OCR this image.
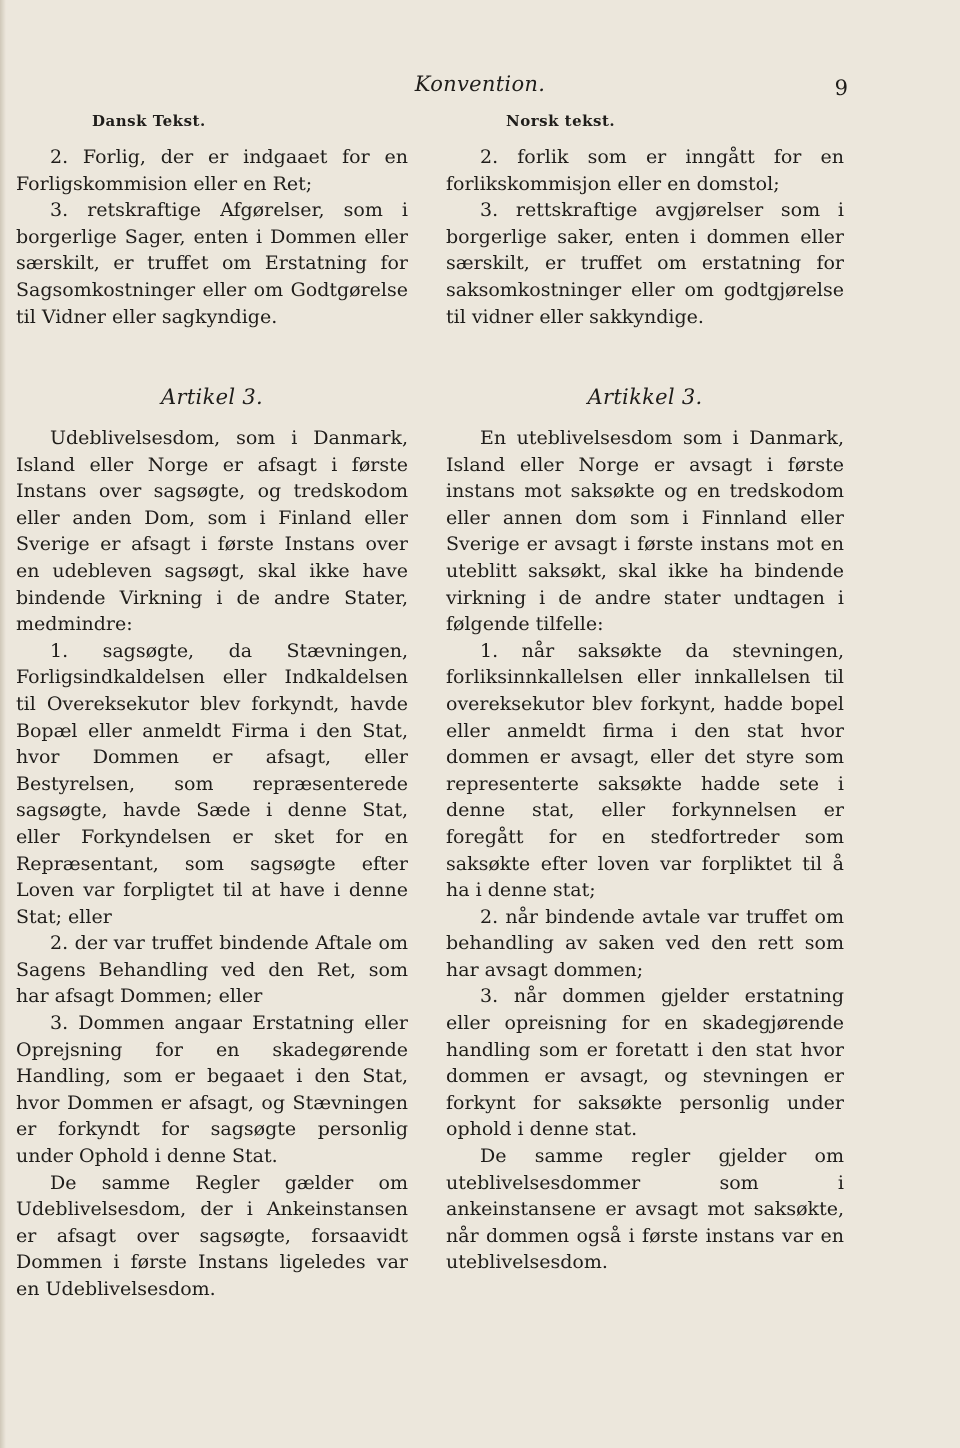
Konvention.	9
Dansk Tekst.

2. Forlig, der er indgaaet for en Forligskommision eller en Ret;

3. retskraftige Afgørelser, som i borgerlige Sager, enten i Dommen eller særskilt, er truffet om Erstatning for Sagsomkostninger eller om Godtgørelse til Vidner eller sagkyndige.

Norsk tekst.

2. forlik som er inngått for en forlikskommisjon eller en domstol;

3. rettskraftige avgjørelser som i borgerlige saker, enten i dommen eller særskilt, er truffet om erstatning for saksomkostninger eller om godtgjørelse til vidner eller sakkyndige.

Artikel 3.

Udeblivelsesdom, som i Danmark, Island eller Norge er afsagt i første Instans over sagsøgte, og tredskodom eller anden Dom, som i Finland eller Sverige er afsagt i første Instans over en udebleven sagsøgt, skal ikke have bindende Virkning i de andre Stater, medmindre:

1. sagsøgte, da Stævningen, Forligsindkaldelsen eller Indkaldelsen til Overeksekutor blev forkyndt, havde Bopæl eller anmeldt Firma i den Stat, hvor Dommen er afsagt, eller Bestyrelsen, som repræsenterede sagsøgte, havde Sæde i denne Stat, eller Forkyndelsen er sket for en Repræsentant, som sagsøgte efter Loven var forpligtet til at have i denne Stat; eller

2. der var truffet bindende Aftale om Sagens Behandling ved den Ret, som har afsagt Dommen; eller

3. Dommen angaar Erstatning eller Oprejsning for en skadegørende Handling, som er begaaet i den Stat, hvor Dommen er afsagt, og Stævningen er forkyndt for sagsøgte personlig under Ophold i denne Stat.

De samme Regler gælder om Udeblivelsesdom, der i Ankeinstansen er afsagt over sagsøgte, forsaavidt Dommen i første Instans ligeledes var en Udeblivelsesdom.

Artikkel 3.

En uteblivelsesdom som i Danmark, Island eller Norge er avsagt i første instans mot saksøkte og en tredskodom eller annen dom som i Finnland eller Sverige er avsagt i første instans mot en uteblitt saksøkt, skal ikke ha bindende virkning i de andre stater undtagen i følgende tilfelle:

1. når saksøkte da stevningen, forliksinnkallelsen eller innkallelsen til overeksekutor blev forkynt, hadde bopel eller anmeldt firma i den stat hvor dommen er avsagt, eller det styre som representerte saksøkte hadde sete i denne stat, eller forkynnelsen er foregått for en stedfortreder som saksøkte efter loven var forpliktet til å ha i denne stat;

2. når bindende avtale var truffet om behandling av saken ved den rett som har avsagt dommen;

3. når dommen gjelder erstatning eller opreisning for en skadegjørende handling som er foretatt i den stat hvor dommen er avsagt, og stevningen er forkynt for saksøkte personlig under ophold i denne stat.

De samme regler gjelder om uteblivelsesdommer som i ankeinstansene er avsagt mot saksøkte, når dommen også i første instans var en uteblivelsesdom.
